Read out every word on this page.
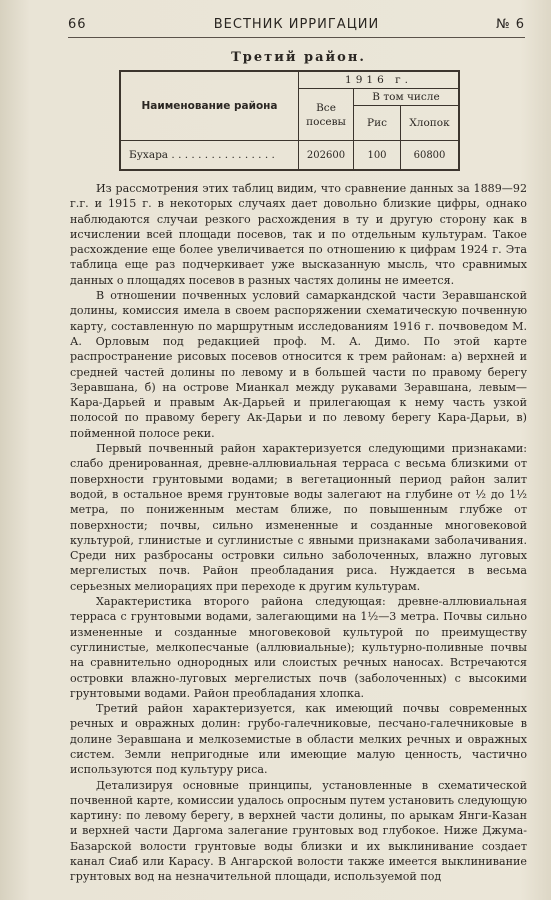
66	ВЕСТНИК ИРРИГАЦИИ	№ 6
Третий район.
Наименование района	1916 г.		
	Все посевы	В том числе	
		Рис	Хлопок
Бухара . . . . . . . . . . . . . . . .	202600	100	60800

Из рассмотрения этих таблиц видим, что сравнение данных за 1889—92 г.г. и 1915 г. в некоторых случаях дает довольно близкие цифры, однако наблюдаются случаи резкого расхождения в ту и другую сторону как в исчислении всей площади посевов, так и по отдельным культурам. Такое расхождение еще более увеличивается по отношению к цифрам 1924 г. Эта таблица еще раз подчеркивает уже высказанную мысль, что сравнимых данных о площадях посевов в разных частях долины не имеется.

В отношении почвенных условий самаркандской части Зеравшанской долины, комиссия имела в своем распоряжении схематическую почвенную карту, составленную по маршрутным исследованиям 1916 г. почвоведом М. А. Орловым под редакцией проф. М. А. Димо. По этой карте распространение рисовых посевов относится к трем районам: а) верхней и средней частей долины по левому и в большей части по правому берегу Зеравшана, б) на острове Мианкал между рукавами Зеравшана, левым—Кара-Дарьей и правым Ак-Дарьей и прилегающая к нему часть узкой полосой по правому берегу Ак-Дарьи и по левому берегу Кара-Дарьи, в) пойменной полосе реки.

Первый почвенный район характеризуется следующими признаками: слабо дренированная, древне-аллювиальная терраса с весьма близкими от поверхности грунтовыми водами; в вегетационный период район залит водой, в остальное время грунтовые воды залегают на глубине от ½ до 1½ метра, по пониженным местам ближе, по повышенным глубже от поверхности; почвы, сильно измененные и созданные многовековой культурой, глинистые и суглинистые с явными признаками заболачивания. Среди них разбросаны островки сильно заболоченных, влажно луговых мергелистых почв. Район преобладания риса. Нуждается в весьма серьезных мелиорациях при переходе к другим культурам.

Характеристика второго района следующая: древне-аллювиальная терраса с грунтовыми водами, залегающими на 1½—3 метра. Почвы сильно измененные и созданные многовековой культурой по преимуществу суглинистые, мелкопесчаные (аллювиальные); культурно-поливные почвы на сравнительно однородных или слоистых речных наносах. Встречаются островки влажно-луговых мергелистых почв (заболоченных) с высокими грунтовыми водами. Район преобладания хлопка.

Третий район характеризуется, как имеющий почвы современных речных и овражных долин: грубо-галечниковые, песчано-галечниковые в долине Зеравшана и мелкоземистые в области мелких речных и овражных систем. Земли непригодные или имеющие малую ценность, частично используются под культуру риса.

Детализируя основные принципы, установленные в схематической почвенной карте, комиссии удалось опросным путем установить следующую картину: по левому берегу, в верхней части долины, по арыкам Янги-Казан и верхней части Даргома залегание грунтовых вод глубокое. Ниже Джума-Базарской волости грунтовые воды близки и их выклинивание создает канал Сиаб или Карасу. В Ангарской волости также имеется выклинивание грунтовых вод на незначительной площади, используемой под
